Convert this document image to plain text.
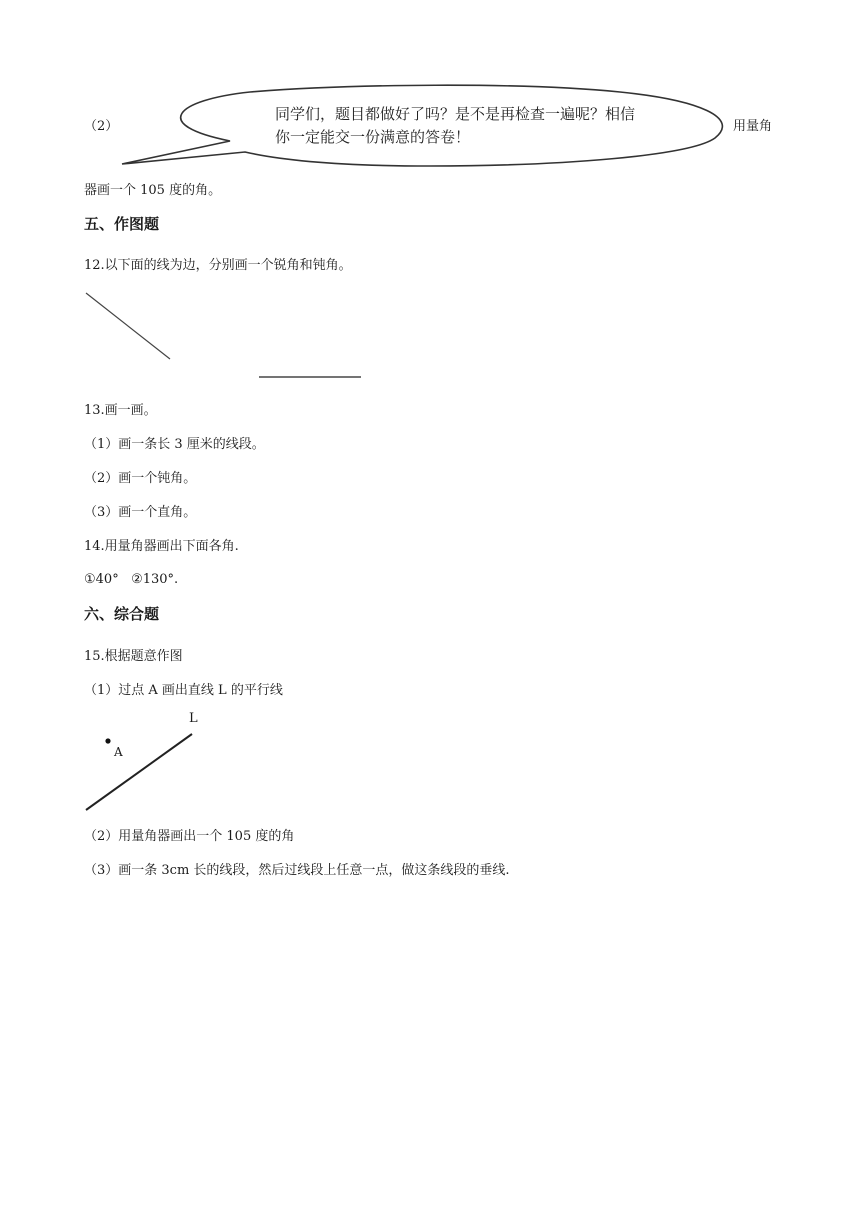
（2）
同学们，题目都做好了吗？是不是再检查一遍呢？相信
你一定能交一份满意的答卷！
用量角
器画一个 105 度的角。
五、作图题
12.以下面的线为边，分别画一个锐角和钝角。
13.画一画。
（1）画一条长 3 厘米的线段。
（2）画一个钝角。
（3）画一个直角。
14.用量角器画出下面各角.
①40°   ②130°.
六、综合题
15.根据题意作图
（1）过点 A 画出直线 L 的平行线
L
A
（2）用量角器画出一个 105 度的角
（3）画一条 3cm 长的线段，然后过线段上任意一点，做这条线段的垂线.
